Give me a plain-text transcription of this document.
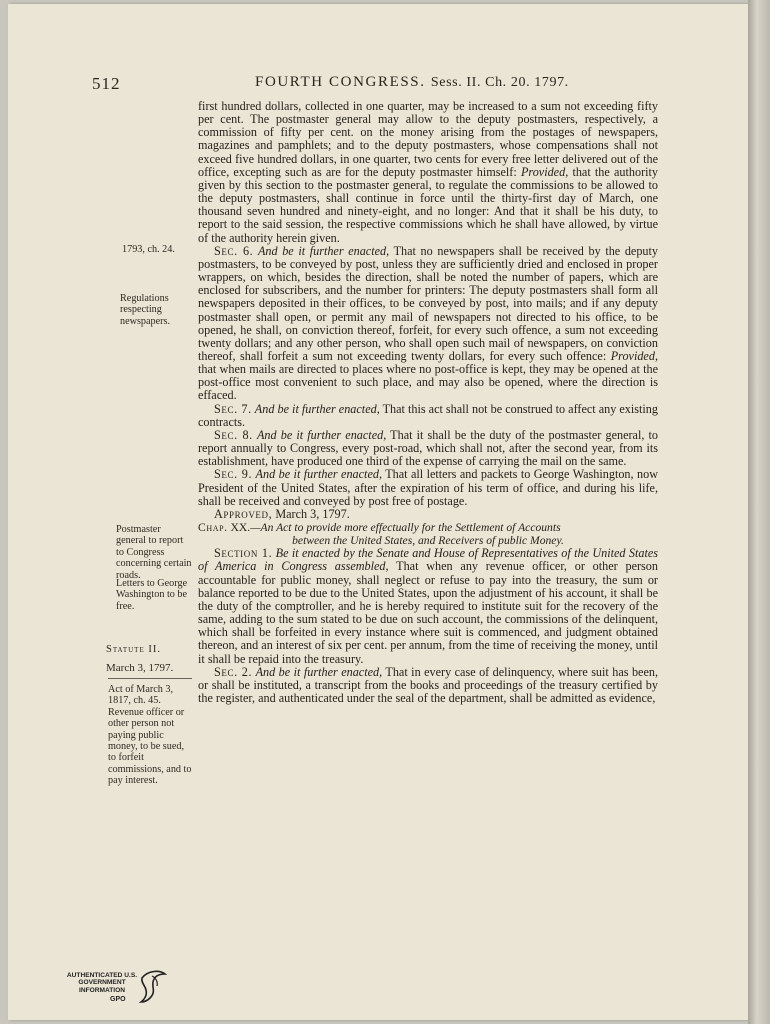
512	FOURTH CONGRESS. Sess. II. Ch. 20. 1797.
1793, ch. 24.
Regulations respecting newspapers.
Postmaster general to report to Congress concerning certain roads.
Letters to George Washington to be free.
Statute II.
March 3, 1797.
Act of March 3, 1817, ch. 45. Revenue officer or other person not paying public money, to be sued, to forfeit commissions, and to pay interest.

first hundred dollars, collected in one quarter, may be increased to a sum not exceeding fifty per cent. The postmaster general may allow to the deputy postmasters, respectively, a commission of fifty per cent. on the money arising from the postages of newspapers, magazines and pamphlets; and to the deputy postmasters, whose compensations shall not exceed five hundred dollars, in one quarter, two cents for every free letter delivered out of the office, excepting such as are for the deputy postmaster himself: Provided, that the authority given by this section to the postmaster general, to regulate the commissions to be allowed to the deputy postmasters, shall continue in force until the thirty-first day of March, one thousand seven hundred and ninety-eight, and no longer: And that it shall be his duty, to report to the said session, the respective commissions which he shall have allowed, by virtue of the authority herein given.

Sec. 6. And be it further enacted, That no newspapers shall be received by the deputy postmasters, to be conveyed by post, unless they are sufficiently dried and enclosed in proper wrappers, on which, besides the direction, shall be noted the number of papers, which are enclosed for subscribers, and the number for printers: The deputy postmasters shall form all newspapers deposited in their offices, to be conveyed by post, into mails; and if any deputy postmaster shall open, or permit any mail of newspapers not directed to his office, to be opened, he shall, on conviction thereof, forfeit, for every such offence, a sum not exceeding twenty dollars; and any other person, who shall open such mail of newspapers, on conviction thereof, shall forfeit a sum not exceeding twenty dollars, for every such offence: Provided, that when mails are directed to places where no post-office is kept, they may be opened at the post-office most convenient to such place, and may also be opened, where the direction is effaced.

Sec. 7. And be it further enacted, That this act shall not be construed to affect any existing contracts.

Sec. 8. And be it further enacted, That it shall be the duty of the postmaster general, to report annually to Congress, every post-road, which shall not, after the second year, from its establishment, have produced one third of the expense of carrying the mail on the same.

Sec. 9. And be it further enacted, That all letters and packets to George Washington, now President of the United States, after the expiration of his term of office, and during his life, shall be received and conveyed by post free of postage.

Approved, March 3, 1797.

Chap. XX.—An Act to provide more effectually for the Settlement of Accounts
between the United States, and Receivers of public Money.

Section 1. Be it enacted by the Senate and House of Representatives of the United States of America in Congress assembled, That when any revenue officer, or other person accountable for public money, shall neglect or refuse to pay into the treasury, the sum or balance reported to be due to the United States, upon the adjustment of his account, it shall be the duty of the comptroller, and he is hereby required to institute suit for the recovery of the same, adding to the sum stated to be due on such account, the commissions of the delinquent, which shall be forfeited in every instance where suit is commenced, and judgment obtained thereon, and an interest of six per cent. per annum, from the time of receiving the money, until it shall be repaid into the treasury.

Sec. 2. And be it further enacted, That in every case of delinquency, where suit has been, or shall be instituted, a transcript from the books and proceedings of the treasury certified by the register, and authenticated under the seal of the department, shall be admitted as evidence,

AUTHENTICATED U.S. GOVERNMENT INFORMATION
GPO
